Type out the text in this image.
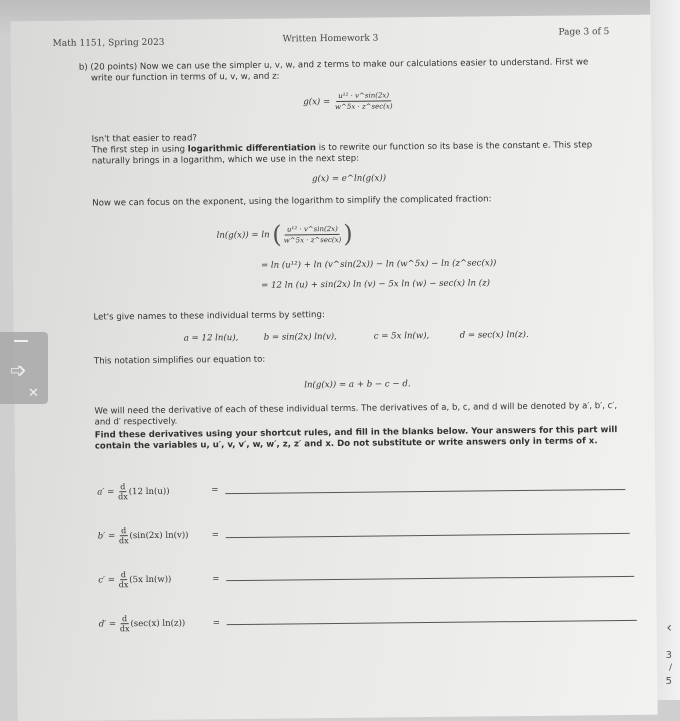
Math 1151, Spring 2023	Written Homework 3
Page 3 of 5
b) (20 points) Now we can use the simpler u, v, w, and z terms to make our calculations easier to understand. First we
write our function in terms of u, v, w, and z:
$g(x) = \frac{\text{u¹² · v\textasciicircum{}sin(2x)}}{w\^{}5x \cdot z\^{}\sec(x)}$
Isn't that easier to read?
The first step in using logarithmic differentiation is to rewrite our function so its base is the constant e. This step
naturally brings in a logarithm, which we use in the next step:
g(x) = e^ln(g(x))
Now we can focus on the exponent, using the logarithm to simplify the complicated fraction:
ln(g(x)) = ln ( $\frac{\text{u¹² · v\textasciicircum{}sin(2x)}}{w\^{}5x \cdot z\^{}\sec(x)}$ )
= ln (u¹²) + ln (v^sin(2x)) − ln (w^5x) − ln (z^sec(x))
= 12 ln (u) + sin(2x) ln (v) − 5x ln (w) − sec(x) ln (z)
Let's give names to these individual terms by setting:
a = 12 ln(u),	b = sin(2x) ln(v),	c = 5x ln(w),	d = sec(x) ln(z).
This notation simplifies our equation to:
ln(g(x)) = a + b − c − d.
We will need the derivative of each of these individual terms. The derivatives of a, b, c, and d will be denoted by a′, b′, c′,
and d′ respectively.
Find these derivatives using your shortcut rules, and fill in the blanks below. Your answers for this part will
contain the variables u, u′, v, v′, w, w′, z, z′ and x. Do not substitute or write answers only in terms of x.
$a' = \frac{d}{dx} (12$ ln(u))	=
$b' = \frac{d}{dx} (\sin(2x)$ ln(v))	=
$c' = \frac{d}{dx} (5x$ ln(w))	=
$d' = \frac{d}{dx} (\sec(x)$ ln(z))	=
➩
✕
‹
3
/
5
